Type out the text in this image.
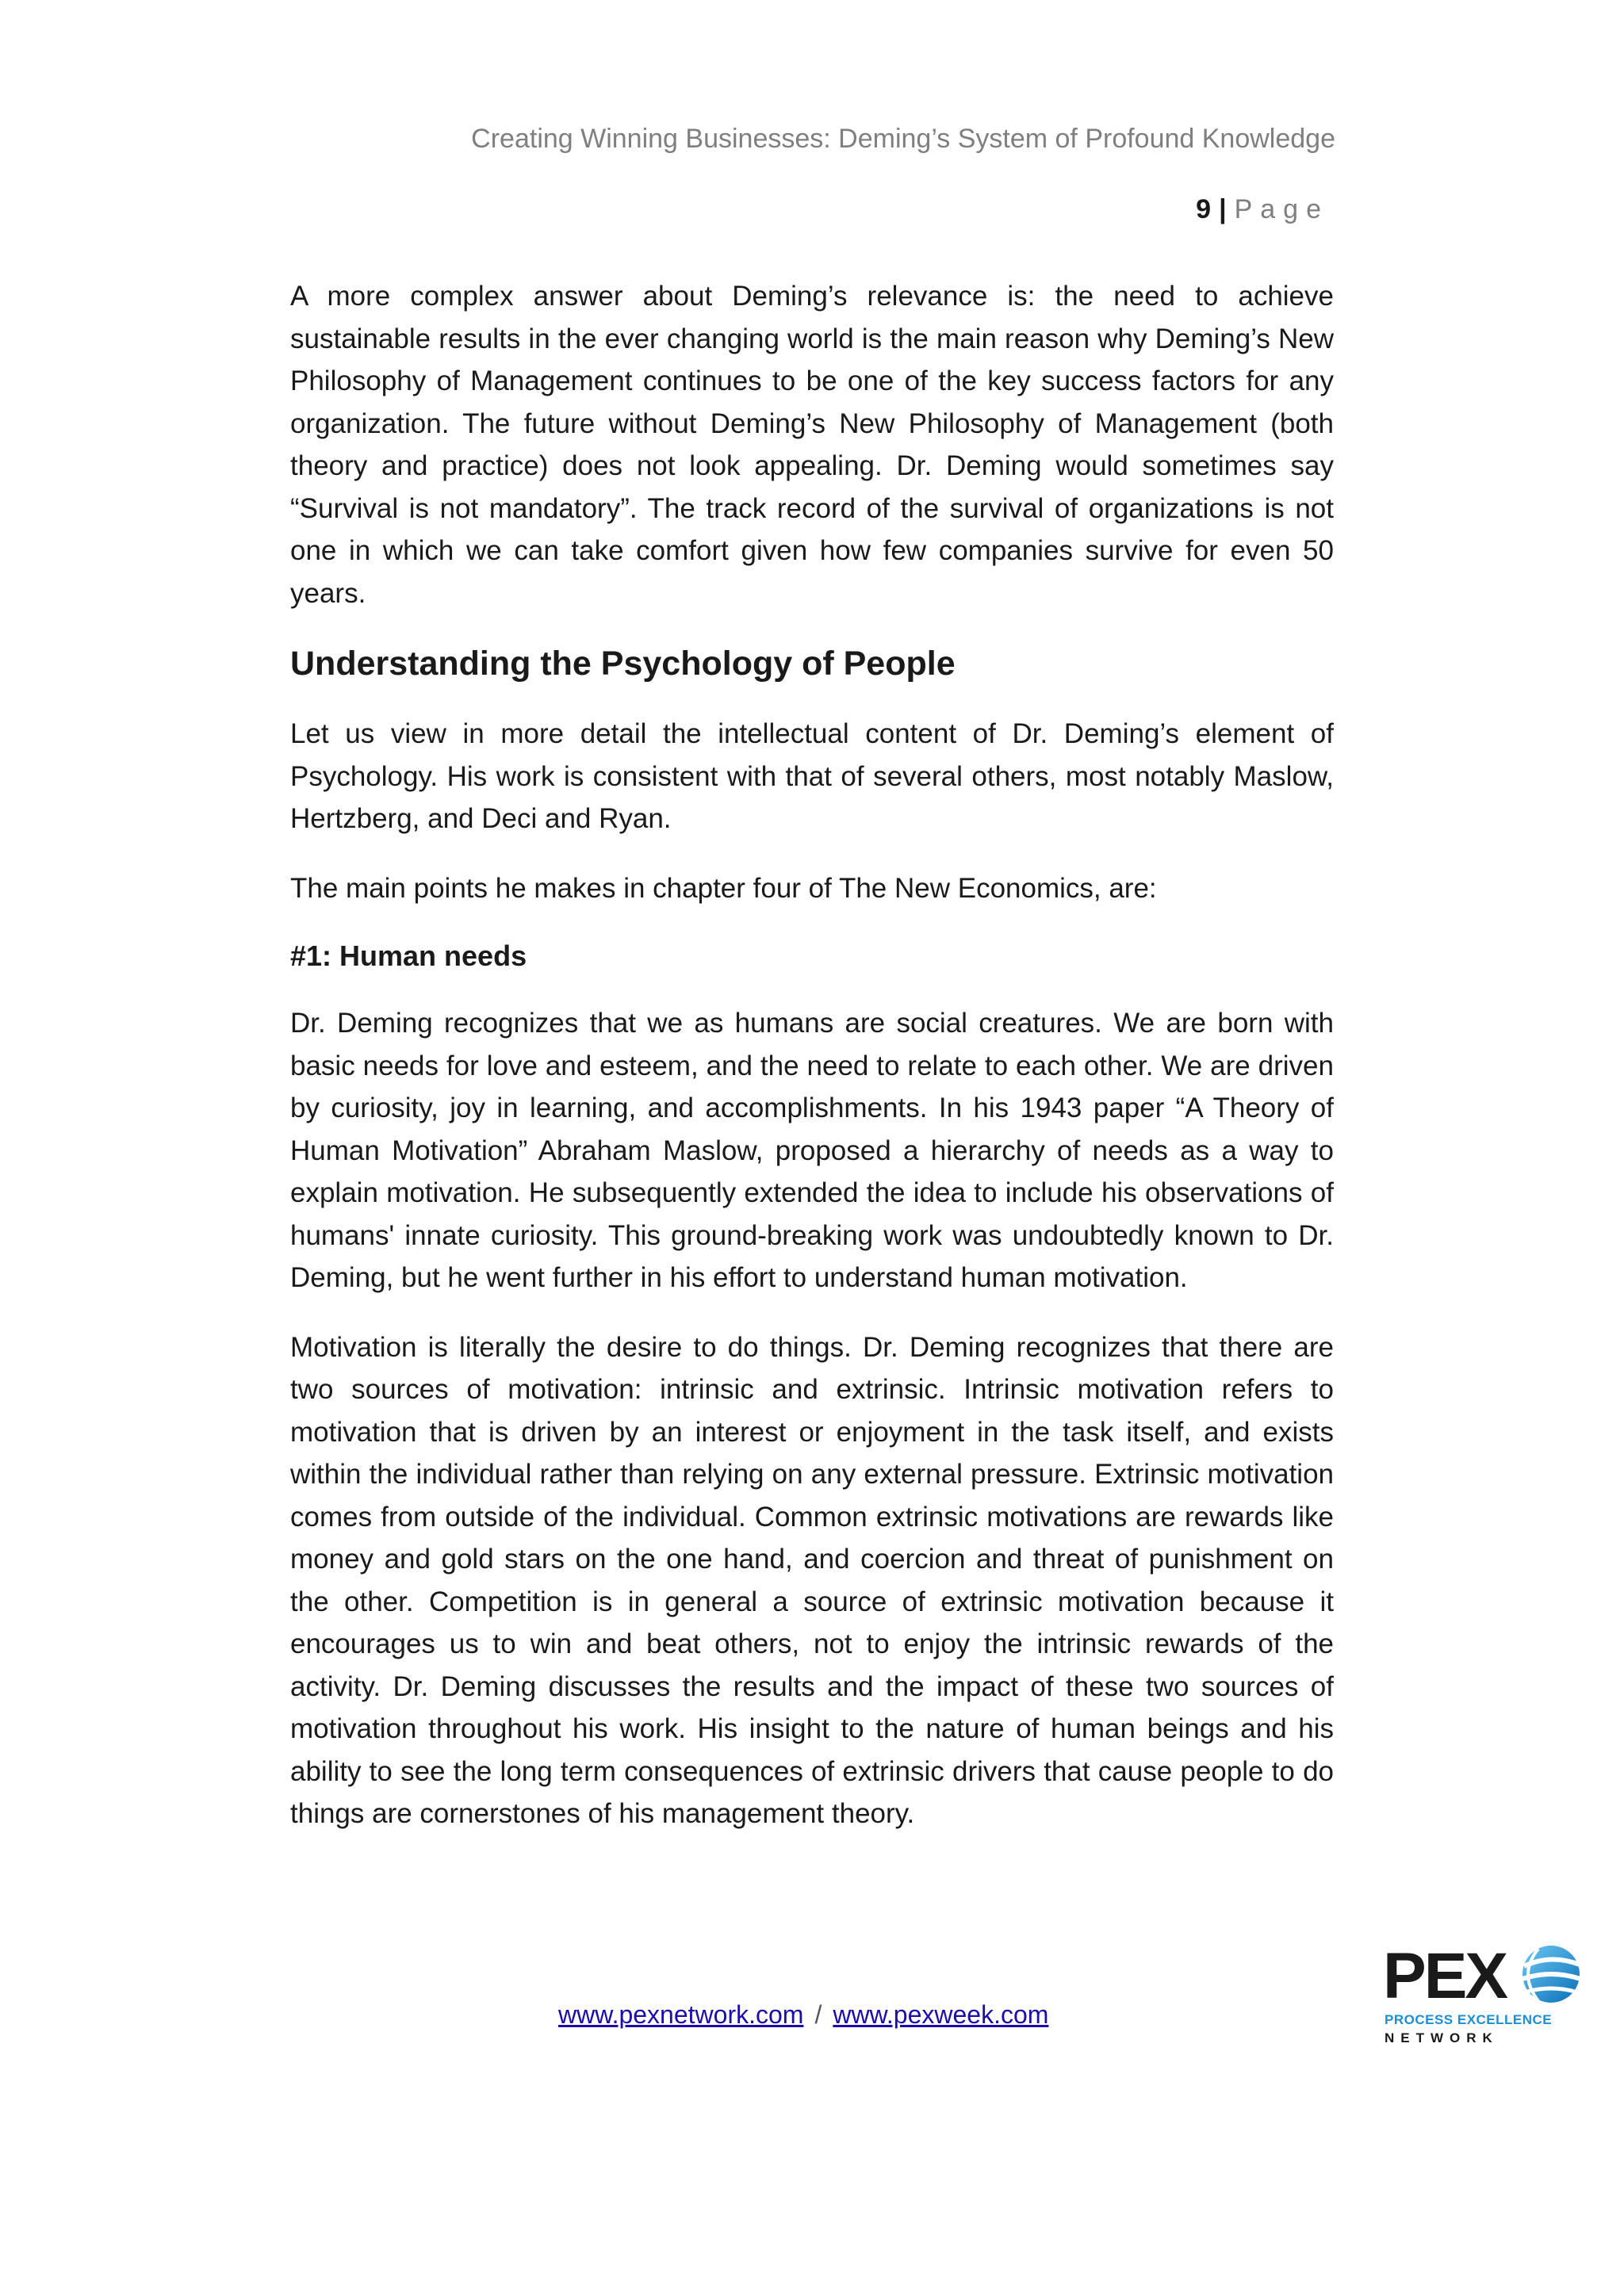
Creating Winning Businesses: Deming’s System of Profound Knowledge
9 | Page

A more complex answer about Deming’s relevance is: the need to achieve sustainable results in the ever changing world is the main reason why Deming’s New Philosophy of Management continues to be one of the key success factors for any organization. The future without Deming’s New Philosophy of Management (both theory and practice) does not look appealing. Dr. Deming would sometimes say “Survival is not mandatory”. The track record of the survival of organizations is not one in which we can take comfort given how few companies survive for even 50 years.

Understanding the Psychology of People

Let us view in more detail the intellectual content of Dr. Deming’s element of Psychology. His work is consistent with that of several others, most notably Maslow, Hertzberg, and Deci and Ryan.

The main points he makes in chapter four of The New Economics, are:

#1: Human needs

Dr. Deming recognizes that we as humans are social creatures. We are born with basic needs for love and esteem, and the need to relate to each other. We are driven by curiosity, joy in learning, and accomplishments. In his 1943 paper “A Theory of Human Motivation” Abraham Maslow, proposed a hierarchy of needs as a way to explain motivation. He subsequently extended the idea to include his observations of humans' innate curiosity. This ground-breaking work was undoubtedly known to Dr. Deming, but he went further in his effort to understand human motivation.

Motivation is literally the desire to do things. Dr. Deming recognizes that there are two sources of motivation: intrinsic and extrinsic. Intrinsic motivation refers to motivation that is driven by an interest or enjoyment in the task itself, and exists within the individual rather than relying on any external pressure. Extrinsic motivation comes from outside of the individual. Common extrinsic motivations are rewards like money and gold stars on the one hand, and coercion and threat of punishment on the other. Competition is in general a source of extrinsic motivation because it encourages us to win and beat others, not to enjoy the intrinsic rewards of the activity. Dr. Deming discusses the results and the impact of these two sources of motivation throughout his work. His insight to the nature of human beings and his ability to see the long term consequences of extrinsic drivers that cause people to do things are cornerstones of his management theory.

www.pexnetwork.com / www.pexweek.com
PEX
PROCESS EXCELLENCE
NETWORK
